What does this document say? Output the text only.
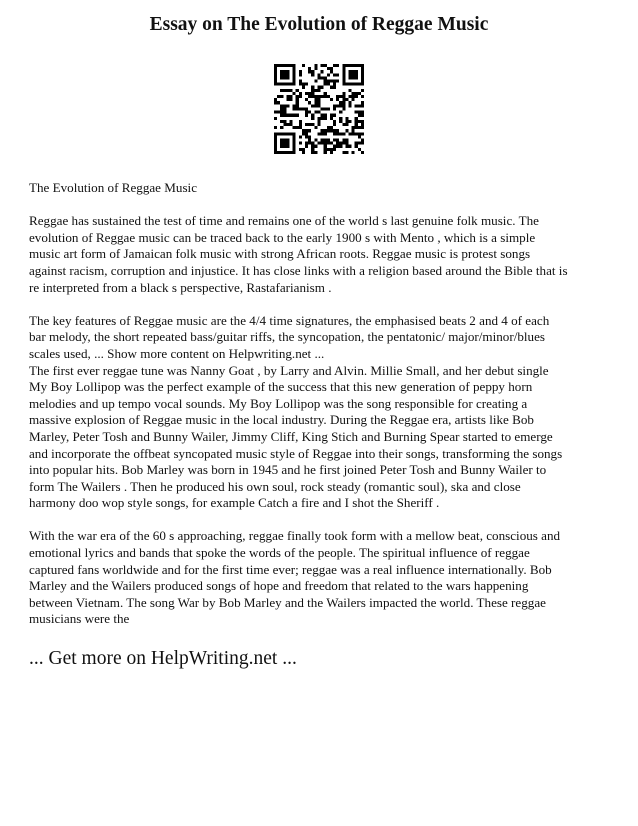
Essay on The Evolution of Reggae Music

The Evolution of Reggae Music

Reggae has sustained the test of time and remains one of the world s last genuine folk music. The
evolution of Reggae music can be traced back to the early 1900 s with Mento , which is a simple
music art form of Jamaican folk music with strong African roots. Reggae music is protest songs
against racism, corruption and injustice. It has close links with a religion based around the Bible that is
re interpreted from a black s perspective, Rastafarianism .

The key features of Reggae music are the 4/4 time signatures, the emphasised beats 2 and 4 of each
bar melody, the short repeated bass/guitar riffs, the syncopation, the pentatonic/ major/minor/blues
scales used, ... Show more content on Helpwriting.net ...

The first ever reggae tune was Nanny Goat , by Larry and Alvin. Millie Small, and her debut single
My Boy Lollipop was the perfect example of the success that this new generation of peppy horn
melodies and up tempo vocal sounds. My Boy Lollipop was the song responsible for creating a
massive explosion of Reggae music in the local industry. During the Reggae era, artists like Bob
Marley, Peter Tosh and Bunny Wailer, Jimmy Cliff, King Stich and Burning Spear started to emerge
and incorporate the offbeat syncopated music style of Reggae into their songs, transforming the songs
into popular hits. Bob Marley was born in 1945 and he first joined Peter Tosh and Bunny Wailer to
form The Wailers . Then he produced his own soul, rock steady (romantic soul), ska and close
harmony doo wop style songs, for example Catch a fire and I shot the Sheriff .

With the war era of the 60 s approaching, reggae finally took form with a mellow beat, conscious and
emotional lyrics and bands that spoke the words of the people. The spiritual influence of reggae
captured fans worldwide and for the first time ever; reggae was a real influence internationally. Bob
Marley and the Wailers produced songs of hope and freedom that related to the wars happening
between Vietnam. The song War by Bob Marley and the Wailers impacted the world. These reggae
musicians were the

... Get more on HelpWriting.net ...
